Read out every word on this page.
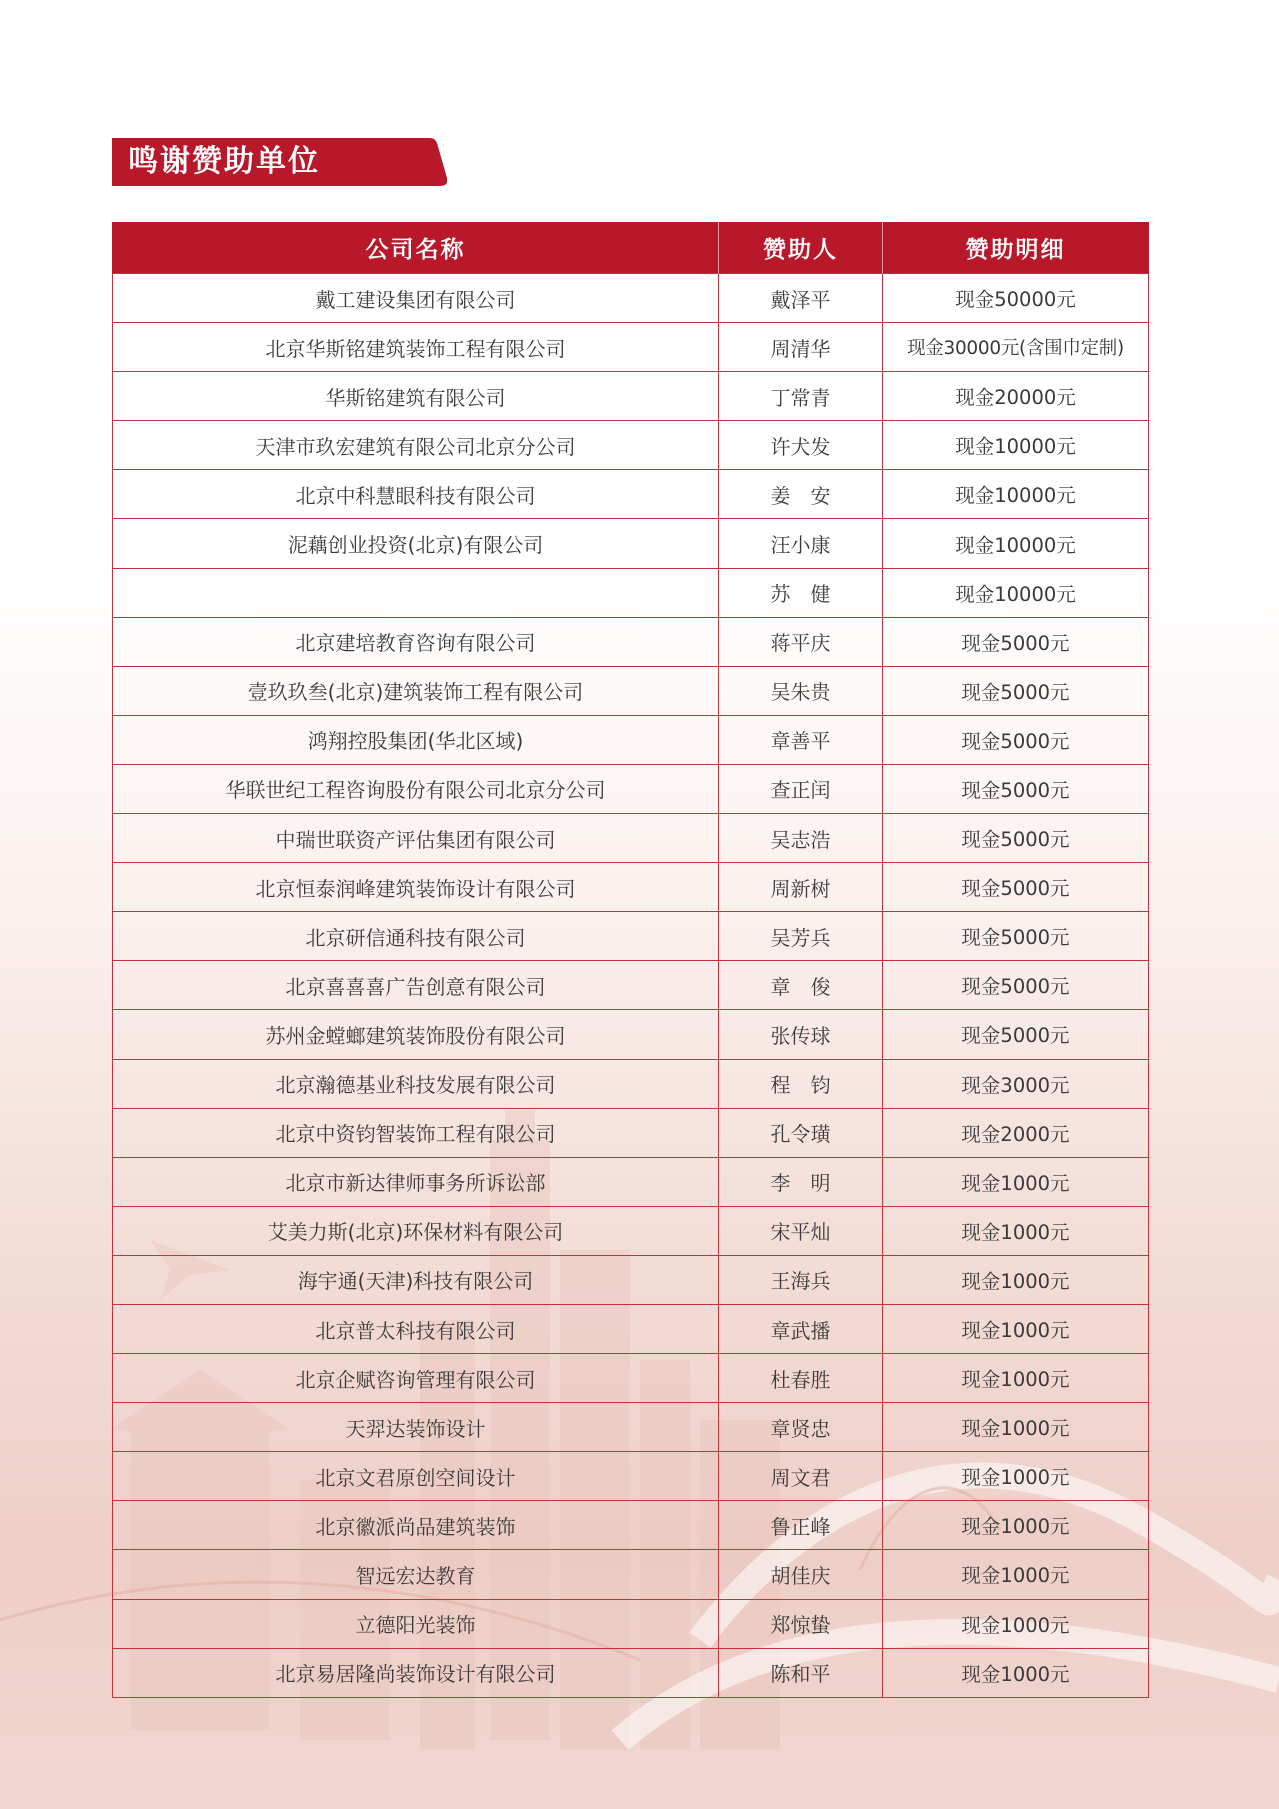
鸣谢赞助单位
公司名称	赞助人	赞助明细
戴工建设集团有限公司	戴泽平	现金50000元
北京华斯铭建筑装饰工程有限公司	周清华	现金30000元(含围巾定制)
华斯铭建筑有限公司	丁常青	现金20000元
天津市玖宏建筑有限公司北京分公司	许犬发	现金10000元
北京中科慧眼科技有限公司	姜　安	现金10000元
泥藕创业投资(北京)有限公司	汪小康	现金10000元
	苏　健	现金10000元
北京建培教育咨询有限公司	蒋平庆	现金5000元
壹玖玖叁(北京)建筑装饰工程有限公司	吴朱贵	现金5000元
鸿翔控股集团(华北区域)	章善平	现金5000元
华联世纪工程咨询股份有限公司北京分公司	查正闰	现金5000元
中瑞世联资产评估集团有限公司	吴志浩	现金5000元
北京恒泰润峰建筑装饰设计有限公司	周新树	现金5000元
北京研信通科技有限公司	吴芳兵	现金5000元
北京喜喜喜广告创意有限公司	章　俊	现金5000元
苏州金螳螂建筑装饰股份有限公司	张传球	现金5000元
北京瀚德基业科技发展有限公司	程　钧	现金3000元
北京中资钧智装饰工程有限公司	孔令璜	现金2000元
北京市新达律师事务所诉讼部	李　明	现金1000元
艾美力斯(北京)环保材料有限公司	宋平灿	现金1000元
海宇通(天津)科技有限公司	王海兵	现金1000元
北京普太科技有限公司	章武播	现金1000元
北京企赋咨询管理有限公司	杜春胜	现金1000元
天羿达装饰设计	章贤忠	现金1000元
北京文君原创空间设计	周文君	现金1000元
北京徽派尚品建筑装饰	鲁正峰	现金1000元
智远宏达教育	胡佳庆	现金1000元
立德阳光装饰	郑惊蛰	现金1000元
北京易居隆尚装饰设计有限公司	陈和平	现金1000元
